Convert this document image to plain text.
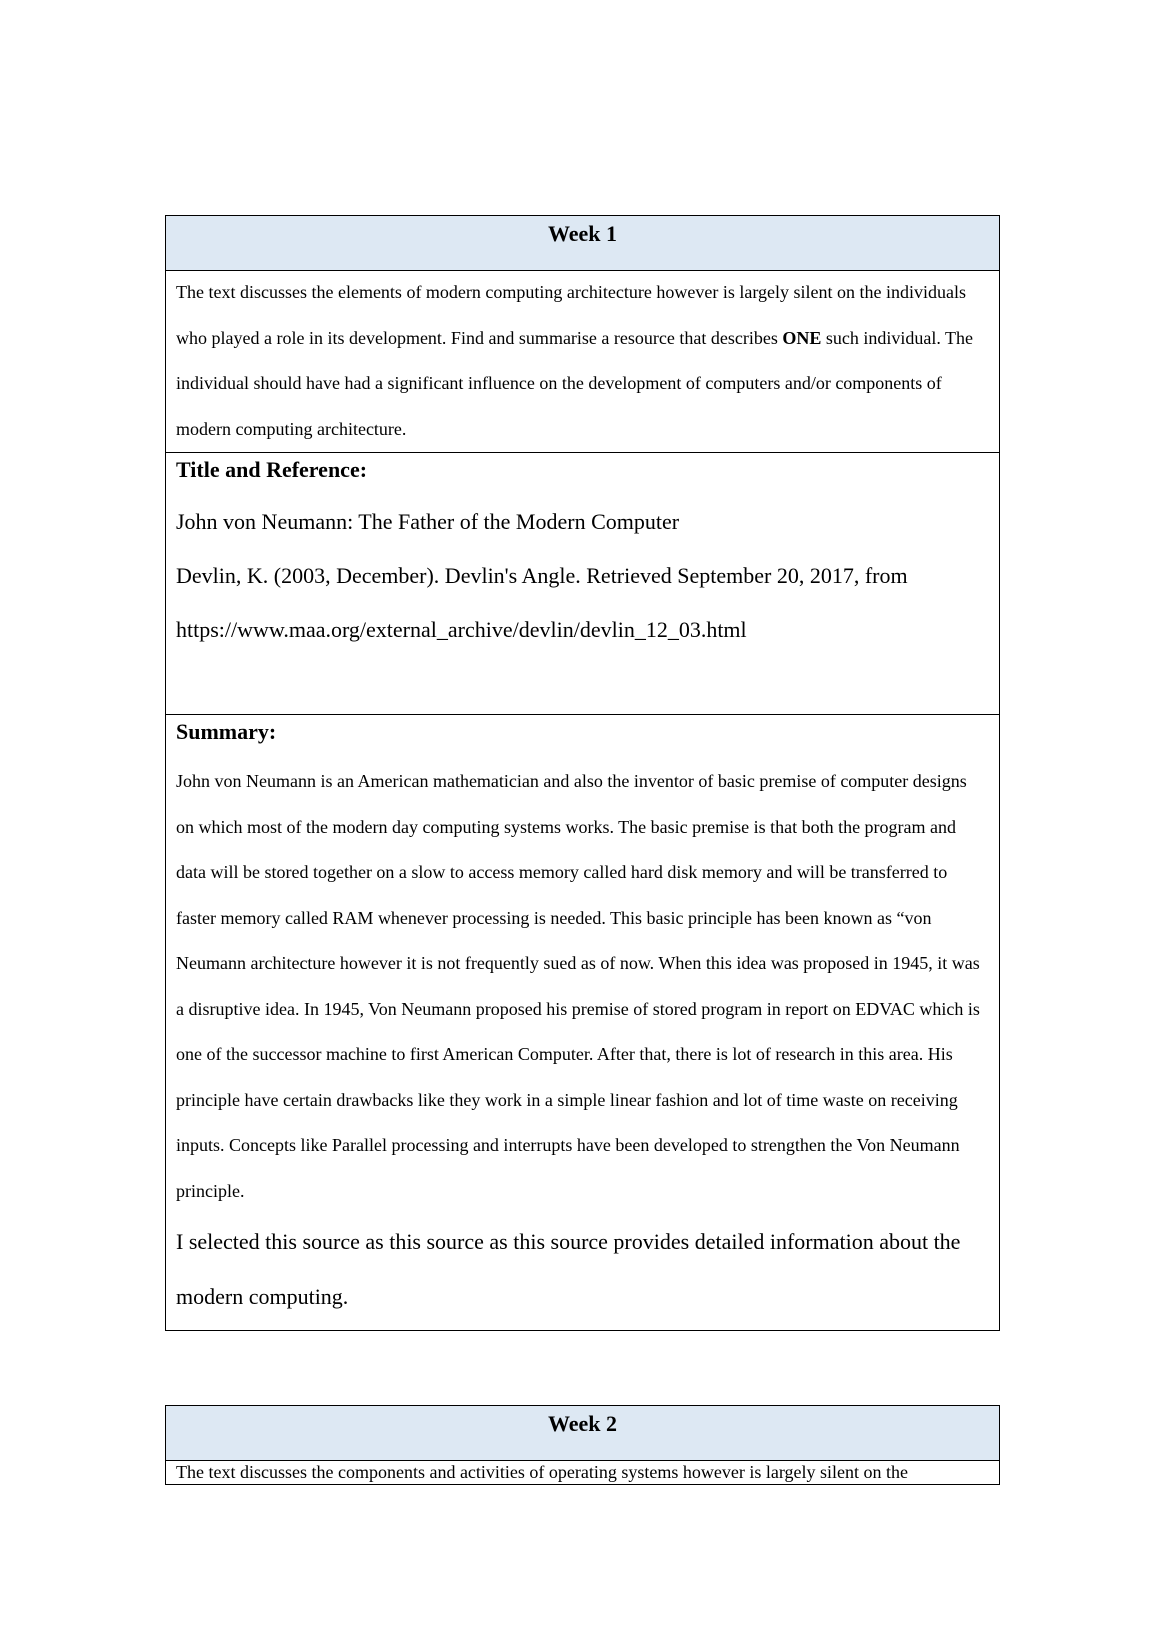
Week 1

The text discusses the elements of modern computing architecture however is largely silent on the individuals who played a role in its development. Find and summarise a resource that describes ONE such individual. The individual should have had a significant influence on the development of computers and/or components of modern computing architecture.

Title and Reference:

John von Neumann: The Father of the Modern Computer

Devlin, K. (2003, December). Devlin's Angle. Retrieved September 20, 2017, from https://www.maa.org/external_archive/devlin/devlin_12_03.html

Summary:

John von Neumann is an American mathematician and also the inventor of basic premise of computer designs on which most of the modern day computing systems works. The basic premise is that both the program and data will be stored together on a slow to access memory called hard disk memory and will be transferred to faster memory called RAM whenever processing is needed. This basic principle has been known as “von Neumann architecture however it is not frequently sued as of now. When this idea was proposed in 1945, it was a disruptive idea. In 1945, Von Neumann proposed his premise of stored program in report on EDVAC which is one of the successor machine to first American Computer. After that, there is lot of research in this area. His principle have certain drawbacks like they work in a simple linear fashion and lot of time waste on receiving inputs. Concepts like Parallel processing and interrupts have been developed to strengthen the Von Neumann principle.

I selected this source as this source as this source provides detailed information about the modern computing.

Week 2

The text discusses the components and activities of operating systems however is largely silent on the
